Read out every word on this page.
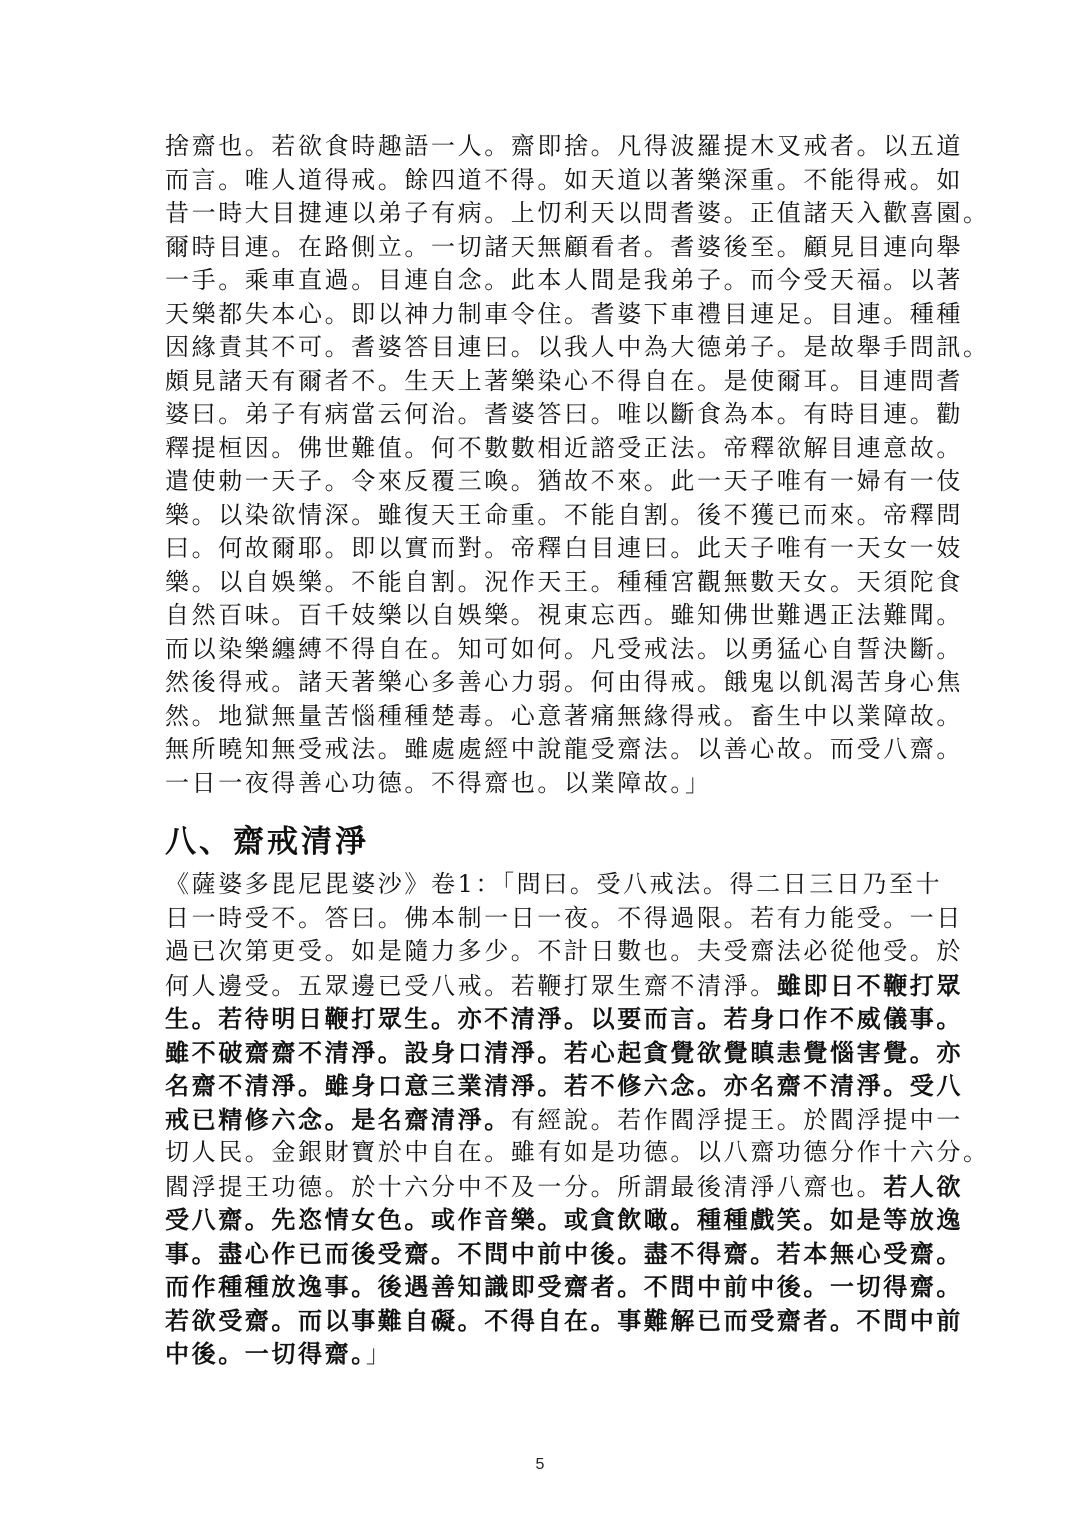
捨齋也。若欲食時趣語一人。齋即捨。凡得波羅提木叉戒者。以五道
而言。唯人道得戒。餘四道不得。如天道以著樂深重。不能得戒。如
昔一時大目揵連以弟子有病。上忉利天以問耆婆。正值諸天入歡喜園。
爾時目連。在路側立。一切諸天無顧看者。耆婆後至。顧見目連向舉
一手。乘車直過。目連自念。此本人間是我弟子。而今受天福。以著
天樂都失本心。即以神力制車令住。耆婆下車禮目連足。目連。種種
因緣責其不可。耆婆答目連曰。以我人中為大德弟子。是故舉手問訊。
頗見諸天有爾者不。生天上著樂染心不得自在。是使爾耳。目連問耆
婆曰。弟子有病當云何治。耆婆答曰。唯以斷食為本。有時目連。勸
釋提桓因。佛世難值。何不數數相近諮受正法。帝釋欲解目連意故。
遣使勅一天子。令來反覆三喚。猶故不來。此一天子唯有一婦有一伎
樂。以染欲情深。雖復天王命重。不能自割。後不獲已而來。帝釋問
曰。何故爾耶。即以實而對。帝釋白目連曰。此天子唯有一天女一妓
樂。以自娛樂。不能自割。況作天王。種種宮觀無數天女。天須陀食
自然百味。百千妓樂以自娛樂。視東忘西。雖知佛世難遇正法難聞。
而以染樂纏縛不得自在。知可如何。凡受戒法。以勇猛心自誓決斷。
然後得戒。諸天著樂心多善心力弱。何由得戒。餓鬼以飢渴苦身心焦
然。地獄無量苦惱種種楚毒。心意著痛無緣得戒。畜生中以業障故。
無所曉知無受戒法。雖處處經中說龍受齋法。以善心故。而受八齋。
一日一夜得善心功德。不得齋也。以業障故。」
八、齋戒清淨
《薩婆多毘尼毘婆沙》卷1：「問曰。受八戒法。得二日三日乃至十
日一時受不。答曰。佛本制一日一夜。不得過限。若有力能受。一日
過已次第更受。如是隨力多少。不計日數也。夫受齋法必從他受。於
何人邊受。五眾邊已受八戒。若鞭打眾生齋不清淨。雖即日不鞭打眾
生。若待明日鞭打眾生。亦不清淨。以要而言。若身口作不威儀事。
雖不破齋齋不清淨。設身口清淨。若心起貪覺欲覺瞋恚覺惱害覺。亦
名齋不清淨。雖身口意三業清淨。若不修六念。亦名齋不清淨。受八
戒已精修六念。是名齋清淨。有經說。若作閻浮提王。於閻浮提中一
切人民。金銀財寶於中自在。雖有如是功德。以八齋功德分作十六分。
閻浮提王功德。於十六分中不及一分。所謂最後清淨八齋也。若人欲
受八齋。先恣情女色。或作音樂。或貪飲噉。種種戲笑。如是等放逸
事。盡心作已而後受齋。不問中前中後。盡不得齋。若本無心受齋。
而作種種放逸事。後遇善知識即受齋者。不問中前中後。一切得齋。
若欲受齋。而以事難自礙。不得自在。事難解已而受齋者。不問中前
中後。一切得齋。」
5
